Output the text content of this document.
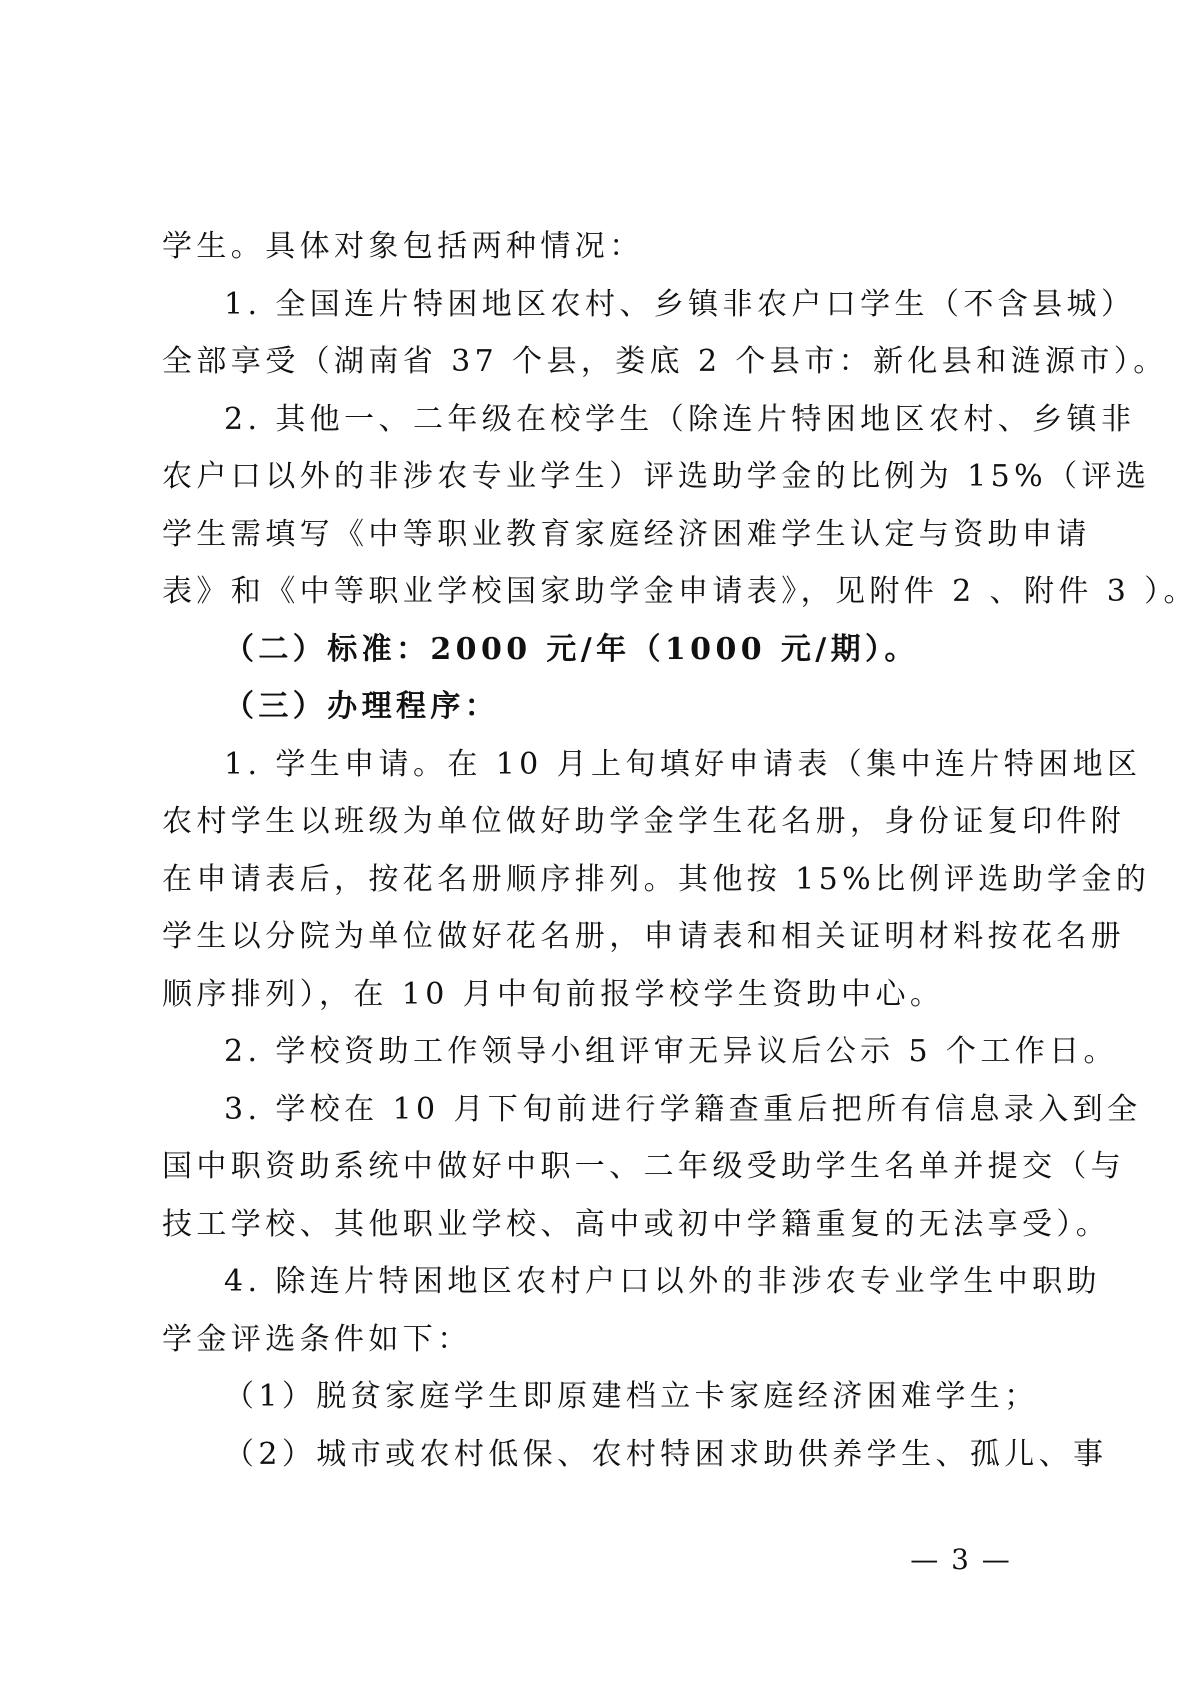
学生。具体对象包括两种情况：
1. 全国连片特困地区农村、乡镇非农户口学生（不含县城）
全部享受（湖南省 37 个县，娄底 2 个县市：新化县和涟源市）。
2. 其他一、二年级在校学生（除连片特困地区农村、乡镇非
农户口以外的非涉农专业学生）评选助学金的比例为 15%（评选
学生需填写《中等职业教育家庭经济困难学生认定与资助申请
表》和《中等职业学校国家助学金申请表》，见附件 2 、附件 3 ）。
（二）标准：2000 元/年（1000 元/期）。
（三）办理程序：
1. 学生申请。在 10 月上旬填好申请表（集中连片特困地区
农村学生以班级为单位做好助学金学生花名册，身份证复印件附
在申请表后，按花名册顺序排列。其他按 15%比例评选助学金的
学生以分院为单位做好花名册，申请表和相关证明材料按花名册
顺序排列），在 10 月中旬前报学校学生资助中心。
2. 学校资助工作领导小组评审无异议后公示 5 个工作日。
3. 学校在 10 月下旬前进行学籍查重后把所有信息录入到全
国中职资助系统中做好中职一、二年级受助学生名单并提交（与
技工学校、其他职业学校、高中或初中学籍重复的无法享受）。
4. 除连片特困地区农村户口以外的非涉农专业学生中职助
学金评选条件如下：
（1）脱贫家庭学生即原建档立卡家庭经济困难学生；
（2）城市或农村低保、农村特困求助供养学生、孤儿、事
— 3 —
